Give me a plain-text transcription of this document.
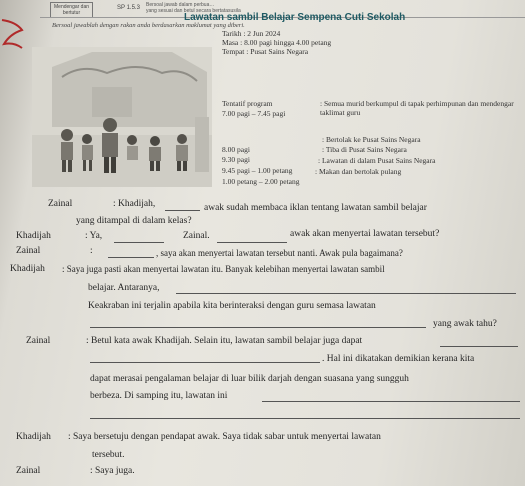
Mendengar dan
bertutur
SP 1.5.3 Bersoal jawab dalam perbua…
yang sesuai dan betul secara bertatasusila
Bersoal jawablah dengan rakan anda berdasarkan maklumat yang diberi.
Lawatan sambil Belajar Sempena Cuti Sekolah
Tarikh : 2 Jun 2024
Masa : 8.00 pagi hingga 4.00 petang
Tempat : Pusat Sains Negara
Tentatif program
7.00 pagi – 7.45 pagi
: Semua murid berkumpul di tapak perhimpunan dan mendengar taklimat guru
8.00 pagi
: Bertolak ke Pusat Sains Negara
9.30 pagi
: Tiba di Pusat Sains Negara
9.45 pagi – 1.00 petang
: Lawatan di dalam Pusat Sains Negara
1.00 petang – 2.00 petang
: Makan dan bertolak pulang
Zainal	: Khadijah,	awak sudah membaca iklan tentang lawatan sambil belajar
yang ditampal di dalam kelas?
Khadijah	: Ya,	Zainal.	awak akan menyertai lawatan tersebut?
Zainal	:	, saya akan menyertai lawatan tersebut nanti. Awak pula bagaimana?
Khadijah : Saya juga pasti akan menyertai lawatan itu. Banyak kelebihan menyertai lawatan sambil
belajar. Antaranya,
Keakraban ini terjalin apabila kita berinteraksi dengan guru semasa lawatan
yang awak tahu?
Zainal	: Betul kata awak Khadijah. Selain itu, lawatan sambil belajar juga dapat
. Hal ini dikatakan demikian kerana kita
dapat merasai pengalaman belajar di luar bilik darjah dengan suasana yang sungguh
berbeza. Di samping itu, lawatan ini
Khadijah : Saya bersetuju dengan pendapat awak. Saya tidak sabar untuk menyertai lawatan
tersebut.
Zainal	: Saya juga.
